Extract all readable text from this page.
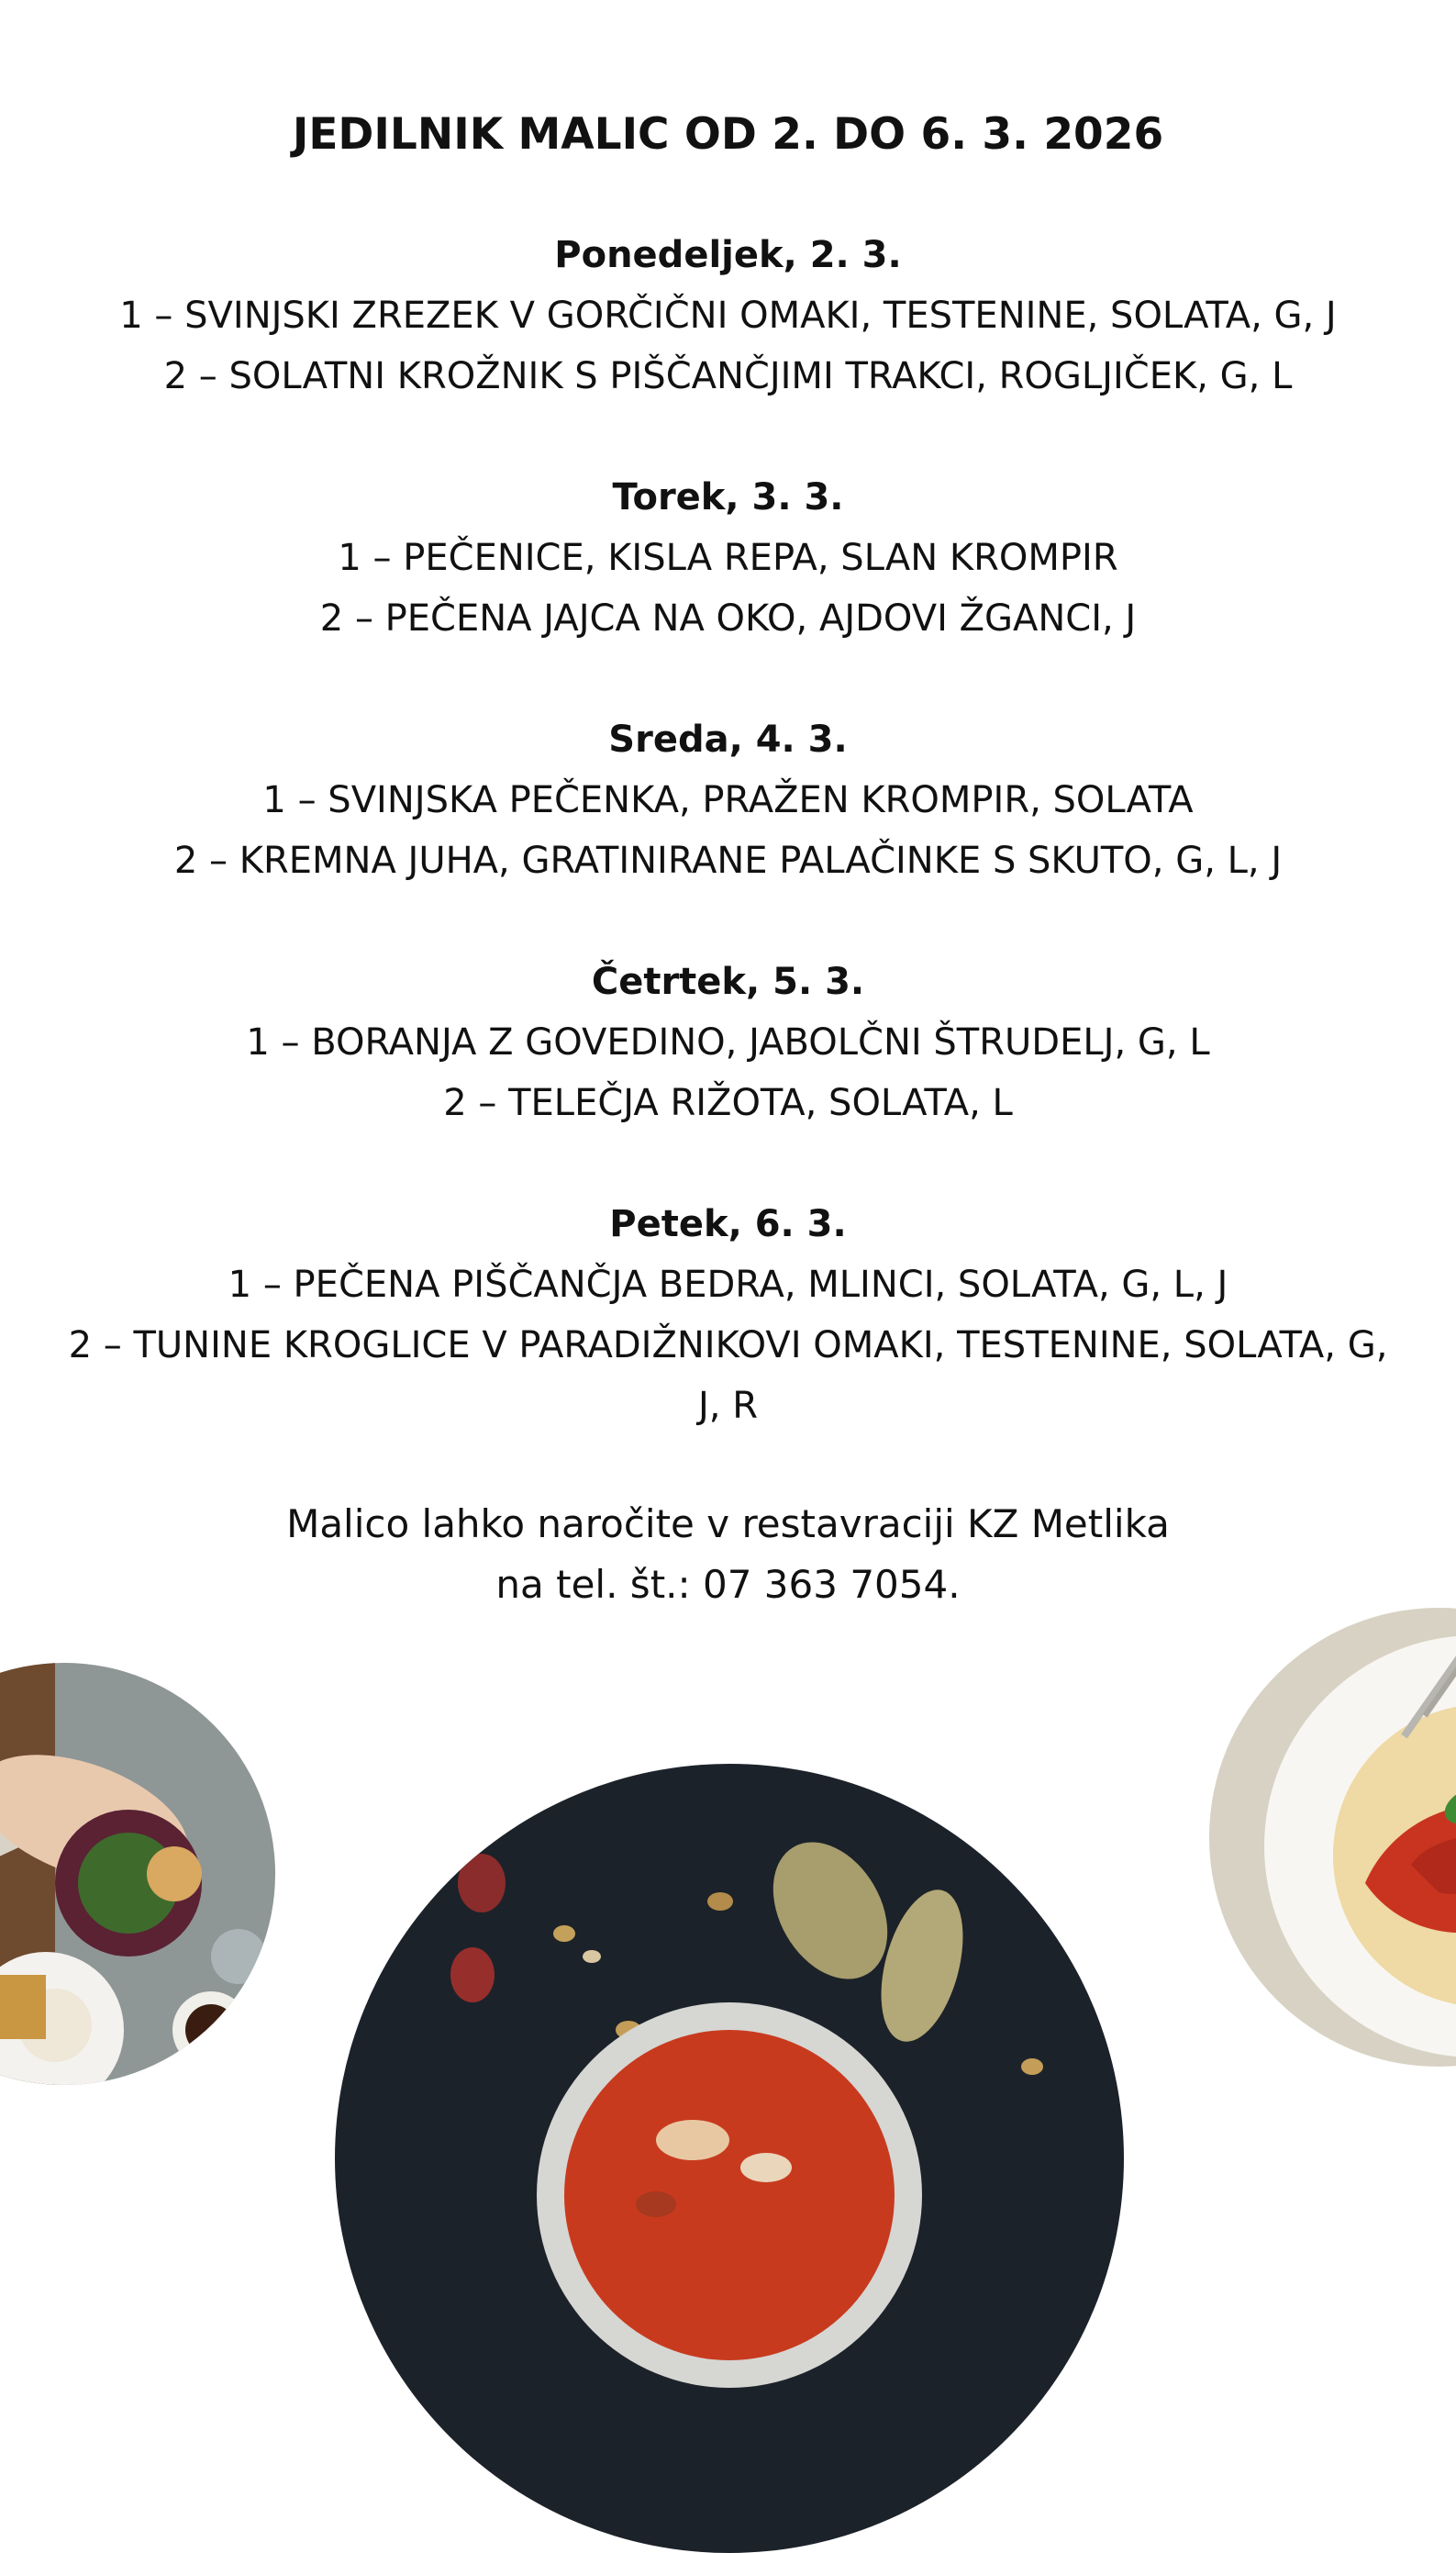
JEDILNIK MALIC OD 2. DO 6. 3. 2026
Ponedeljek, 2. 3.
1 – SVINJSKI ZREZEK V GORČIČNI OMAKI, TESTENINE, SOLATA, G, J
2 – SOLATNI KROŽNIK S PIŠČANČJIMI TRAKCI, ROGLJIČEK, G, L
Torek, 3. 3.
1 – PEČENICE, KISLA REPA, SLAN KROMPIR
2 – PEČENA JAJCA NA OKO, AJDOVI ŽGANCI, J
Sreda, 4. 3.
1 – SVINJSKA PEČENKA, PRAŽEN KROMPIR, SOLATA
2 – KREMNA JUHA, GRATINIRANE PALAČINKE S SKUTO, G, L, J
Četrtek, 5. 3.
1 – BORANJA Z GOVEDINO, JABOLČNI ŠTRUDELJ, G, L
2 – TELEČJA RIŽOTA, SOLATA, L
Petek, 6. 3.
1 – PEČENA PIŠČANČJA BEDRA, MLINCI, SOLATA, G, L, J
2 – TUNINE KROGLICE V PARADIŽNIKOVI OMAKI, TESTENINE, SOLATA, G, J, R
Malico lahko naročite v restavraciji KZ Metlika
na tel. št.: 07 363 7054.
